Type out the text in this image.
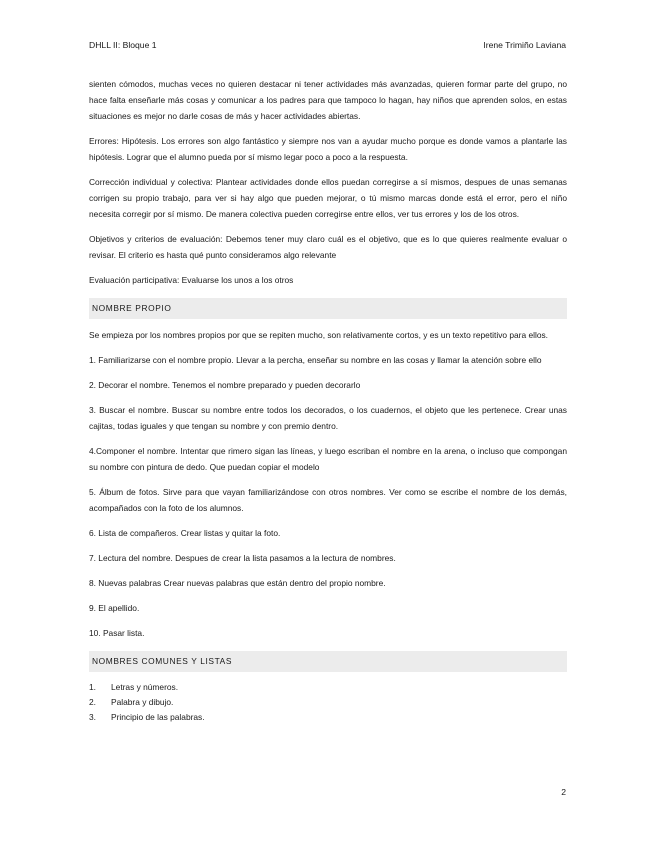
DHLL II: Bloque 1	Irene Trimiño Laviana

sienten cómodos, muchas veces no quieren destacar ni tener actividades más avanzadas, quieren formar parte del grupo, no hace falta enseñarle más cosas y comunicar a los padres para que tampoco lo hagan, hay niños que aprenden solos, en estas situaciones es mejor no darle cosas de más y hacer actividades abiertas.

Errores: Hipótesis. Los errores son algo fantástico y siempre nos van a ayudar mucho porque es donde vamos a plantarle las hipótesis. Lograr que el alumno pueda por sí mismo legar poco a poco a la respuesta.

Corrección individual y colectiva: Plantear actividades donde ellos puedan corregirse a sí mismos, despues de unas semanas corrigen su propio trabajo, para ver si hay algo que pueden mejorar, o tú mismo marcas donde está el error, pero el niño necesita corregir por sí mismo. De manera colectiva pueden corregirse entre ellos, ver tus errores y los de los otros.

Objetivos y criterios de evaluación: Debemos tener muy claro cuál es el objetivo, que es lo que quieres realmente evaluar o revisar. El criterio es hasta qué punto consideramos algo relevante

Evaluación participativa: Evaluarse los unos a los otros

NOMBRE PROPIO

Se empieza por los nombres propios por que se repiten mucho, son relativamente cortos, y es un texto repetitivo para ellos.

1. Familiarizarse con el nombre propio. Llevar a la percha, enseñar su nombre en las cosas y llamar la atención sobre ello

2. Decorar el nombre. Tenemos el nombre preparado y pueden decorarlo

3. Buscar el nombre. Buscar su nombre entre todos los decorados, o los cuadernos, el objeto que les pertenece. Crear unas cajitas, todas iguales y que tengan su nombre y con premio dentro.

4.Componer el nombre. Intentar que rimero sigan las líneas, y luego escriban el nombre en la arena, o incluso que compongan su nombre con pintura de dedo. Que puedan copiar el modelo

5. Álbum de fotos. Sirve para que vayan familiarizándose con otros nombres. Ver como se escribe el nombre de los demás, acompañados con la foto de los alumnos.

6. Lista de compañeros. Crear listas y quitar la foto.

7. Lectura del nombre. Despues de crear la lista pasamos a la lectura de nombres.

8. Nuevas palabras Crear nuevas palabras que están dentro del propio nombre.

9. El apellido.

10. Pasar lista.

NOMBRES COMUNES Y LISTAS
1.	Letras y números.
2.	Palabra y dibujo.
3.	Principio de las palabras.
2
